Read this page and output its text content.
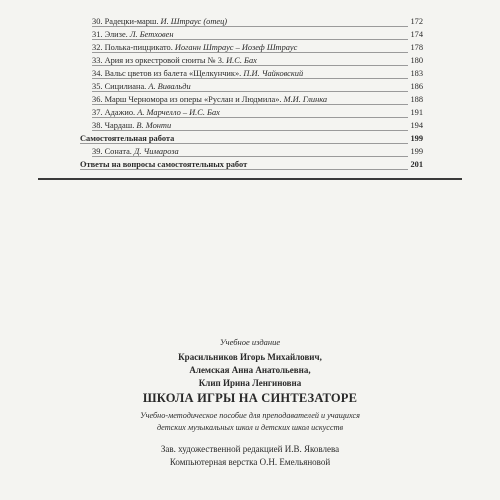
30. Радецки-марш. И. Штраус (отец)	172
31. Элизе. Л. Бетховен	174
32. Полька-пиццикато. Иоганн Штраус – Иозеф Штраус	178
33. Ария из оркестровой сюиты № 3. И.С. Бах	180
34. Вальс цветов из балета «Щелкунчик». П.И. Чайковский	183
35. Сицилиана. А. Вивальди	186
36. Марш Черномора из оперы «Руслан и Людмила». М.И. Глинка	188
37. Адажио. А. Марчелло – И.С. Бах	191
38. Чардаш. В. Монти	194
Самостоятельная работа	199
39. Соната. Д. Чимароза	199
Ответы на вопросы самостоятельных работ	201
Учебное издание
Красильников Игорь Михайлович,
Алемская Анна Анатольевна,
Клип Ирина Ленгиновна
ШКОЛА ИГРЫ НА СИНТЕЗАТОРЕ
Учебно-методическое пособие для преподавателей и учащихся
детских музыкальных школ и детских школ искусств
Зав. художественной редакцией И.В. Яковлева
Компьютерная верстка О.Н. Емельяновой
